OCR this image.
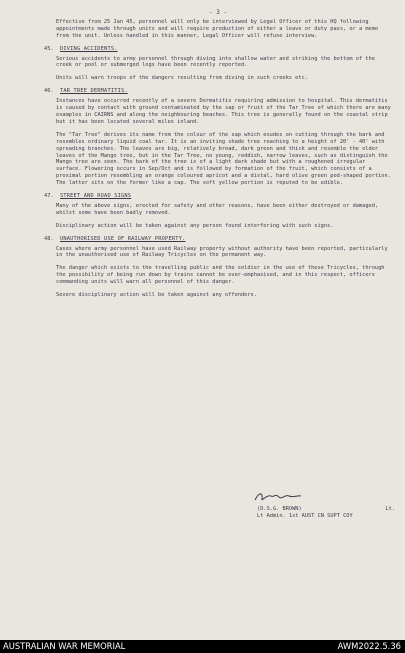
- 3 -

Effective from 25 Jan 45, personnel will only be interviewed by Legal Officer of this HQ following appointments made through units and will require production of either a leave or duty pass, or a memo from the unit. Unless handled in this manner, Legal Officer will refuse interview.

45. DIVING ACCIDENTS.

Serious accidents to army personnel through diving into shallow water and striking the bottom of the creek or pool or submerged logs have been recently reported.

Units will warn troops of the dangers resulting from diving in such creeks etc.

46. TAR TREE DERMATITIS.

Instances have occurred recently of a severe Dermatitis requiring admission to hospital. This dermatitis is caused by contact with ground contaminated by the sap or fruit of the Tar Tree of which there are many examples in CAIRNS and along the neighbouring beaches. This tree is generally found on the coastal strip but it has been located several miles inland.

The "Tar Tree" derives its name from the colour of the sap which exudes on cutting through the bark and resembles ordinary liquid coal tar. It is an inviting shade tree reaching to a height of 20' - 40' with spreading branches. The leaves are big, relatively broad, dark green and thick and resemble the older leaves of the Mango tree, but in the Tar Tree, no young, reddish, narrow leaves, such as distinguish the Mango tree are seen. The bark of the tree is of a light dark shade but with a roughened irregular surface. Flowering occurs in Sep/Oct and is followed by formation of the fruit, which consists of a proximal portion resembling an orange coloured apricot and a distal, hard olive green pod-shaped portion. The latter sits on the former like a cap. The soft yellow portion is reputed to be edible.

47. STREET AND ROAD SIGNS

Many of the above signs, erected for safety and other reasons, have been either destroyed or damaged, whilst some have been badly removed.

Disciplinary action will be taken against any person found interfering with such signs.

48. UNAUTHORISED USE OF RAILWAY PROPERTY.

Cases where army personnel have used Railway property without authority have been reported, particularly in the unauthorised use of Railway Tricycles on the permanent way.

The danger which exists to the travelling public and the soldier in the use of these Tricycles, through the possibility of being run down by trains cannot be over-emphasised, and in this respect, officers commanding units will warn all personnel of this danger.

Severe disciplinary action will be taken against any offenders.

(D.S.G. BROWN)	Lt.
Lt Admin. 1st AUST CN SUPT COY
AUSTRALIAN WAR MEMORIAL	AWM2022.5.36
